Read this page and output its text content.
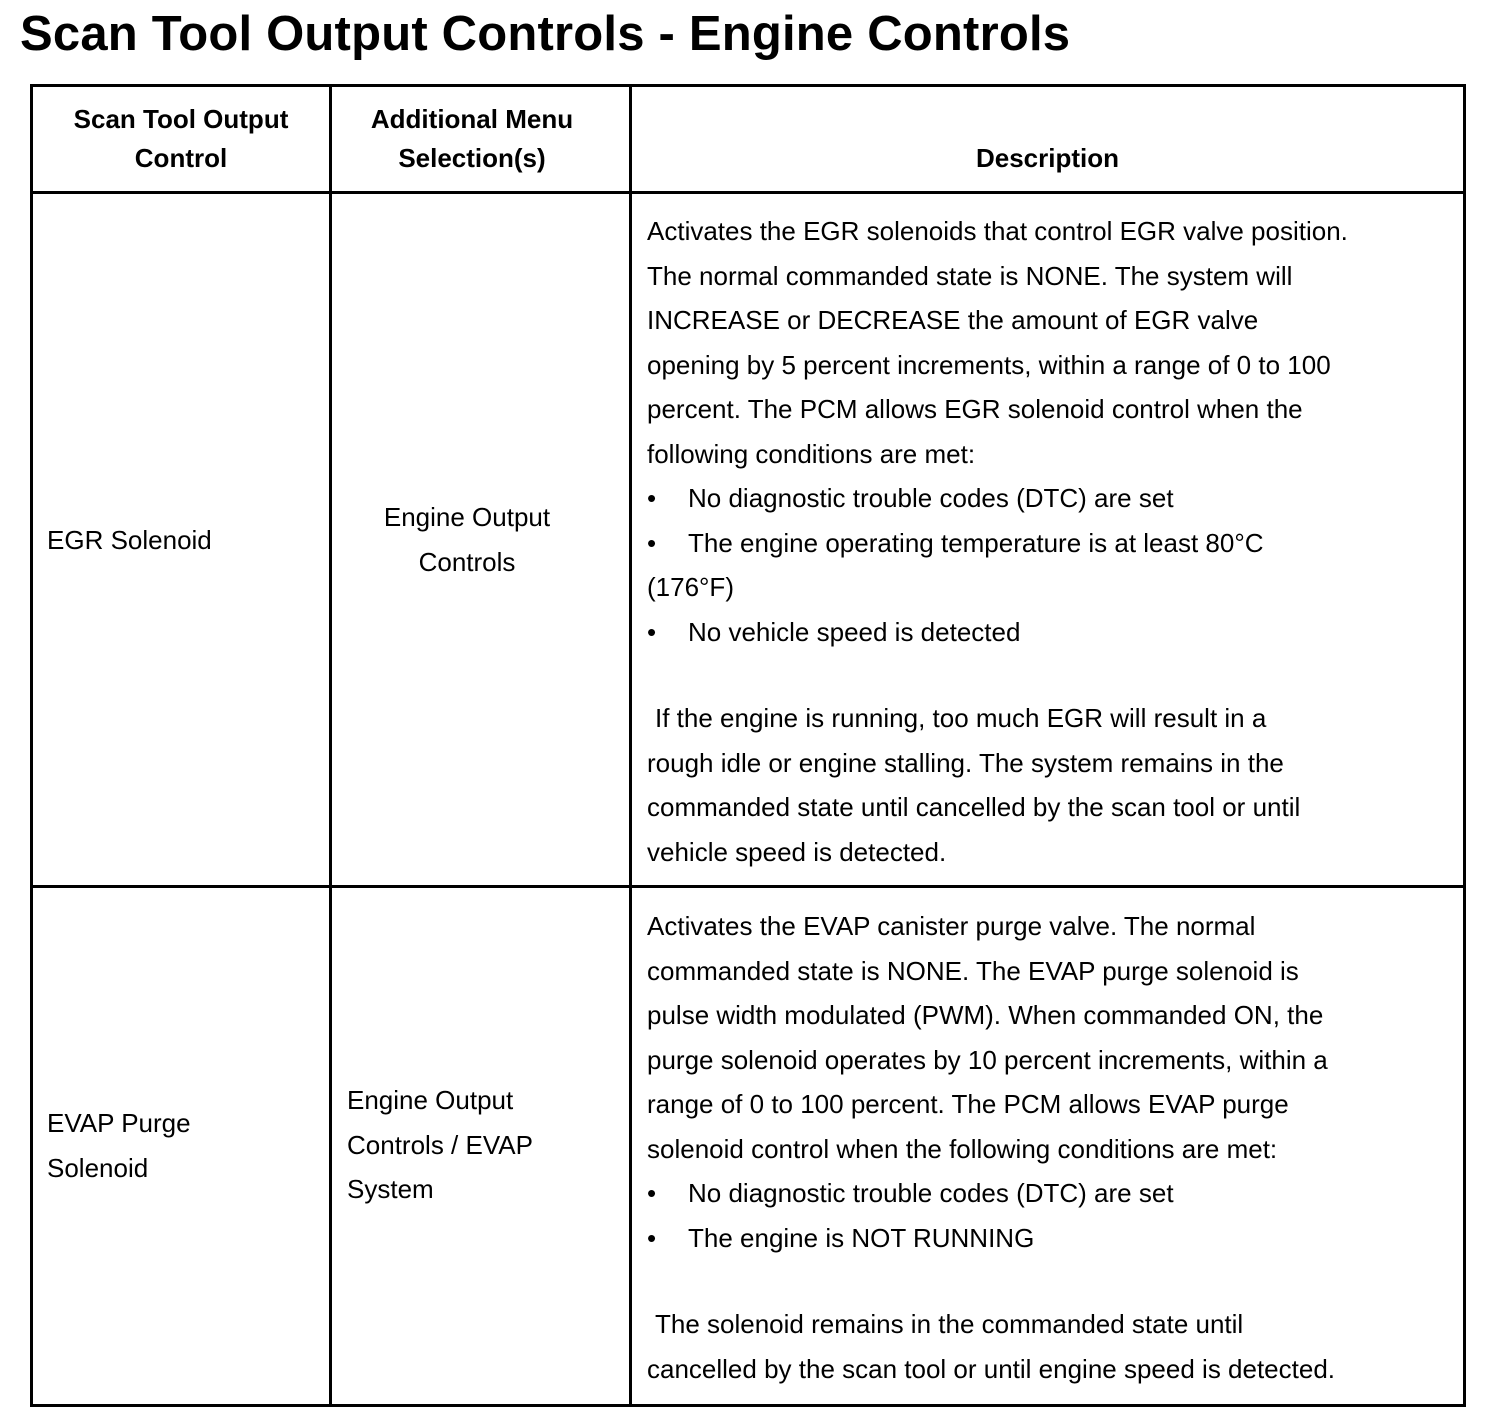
Scan Tool Output Controls - Engine Controls
Scan Tool Output
Control
Additional Menu
Selection(s)	Description
EGR Solenoid
Engine Output
Controls
Activates the EGR solenoids that control EGR valve position.
The normal commanded state is NONE. The system will
INCREASE or DECREASE the amount of EGR valve
opening by 5 percent increments, within a range of 0 to 100
percent. The PCM allows EGR solenoid control when the
following conditions are met:
• No diagnostic trouble codes (DTC) are set
• The engine operating temperature is at least 80°C
(176°F)
• No vehicle speed is detected
If the engine is running, too much EGR will result in a
rough idle or engine stalling. The system remains in the
commanded state until cancelled by the scan tool or until
vehicle speed is detected.
EVAP Purge
Solenoid
Engine Output
Controls / EVAP
System
Activates the EVAP canister purge valve. The normal
commanded state is NONE. The EVAP purge solenoid is
pulse width modulated (PWM). When commanded ON, the
purge solenoid operates by 10 percent increments, within a
range of 0 to 100 percent. The PCM allows EVAP purge
solenoid control when the following conditions are met:
• No diagnostic trouble codes (DTC) are set
• The engine is NOT RUNNING
The solenoid remains in the commanded state until
cancelled by the scan tool or until engine speed is detected.
